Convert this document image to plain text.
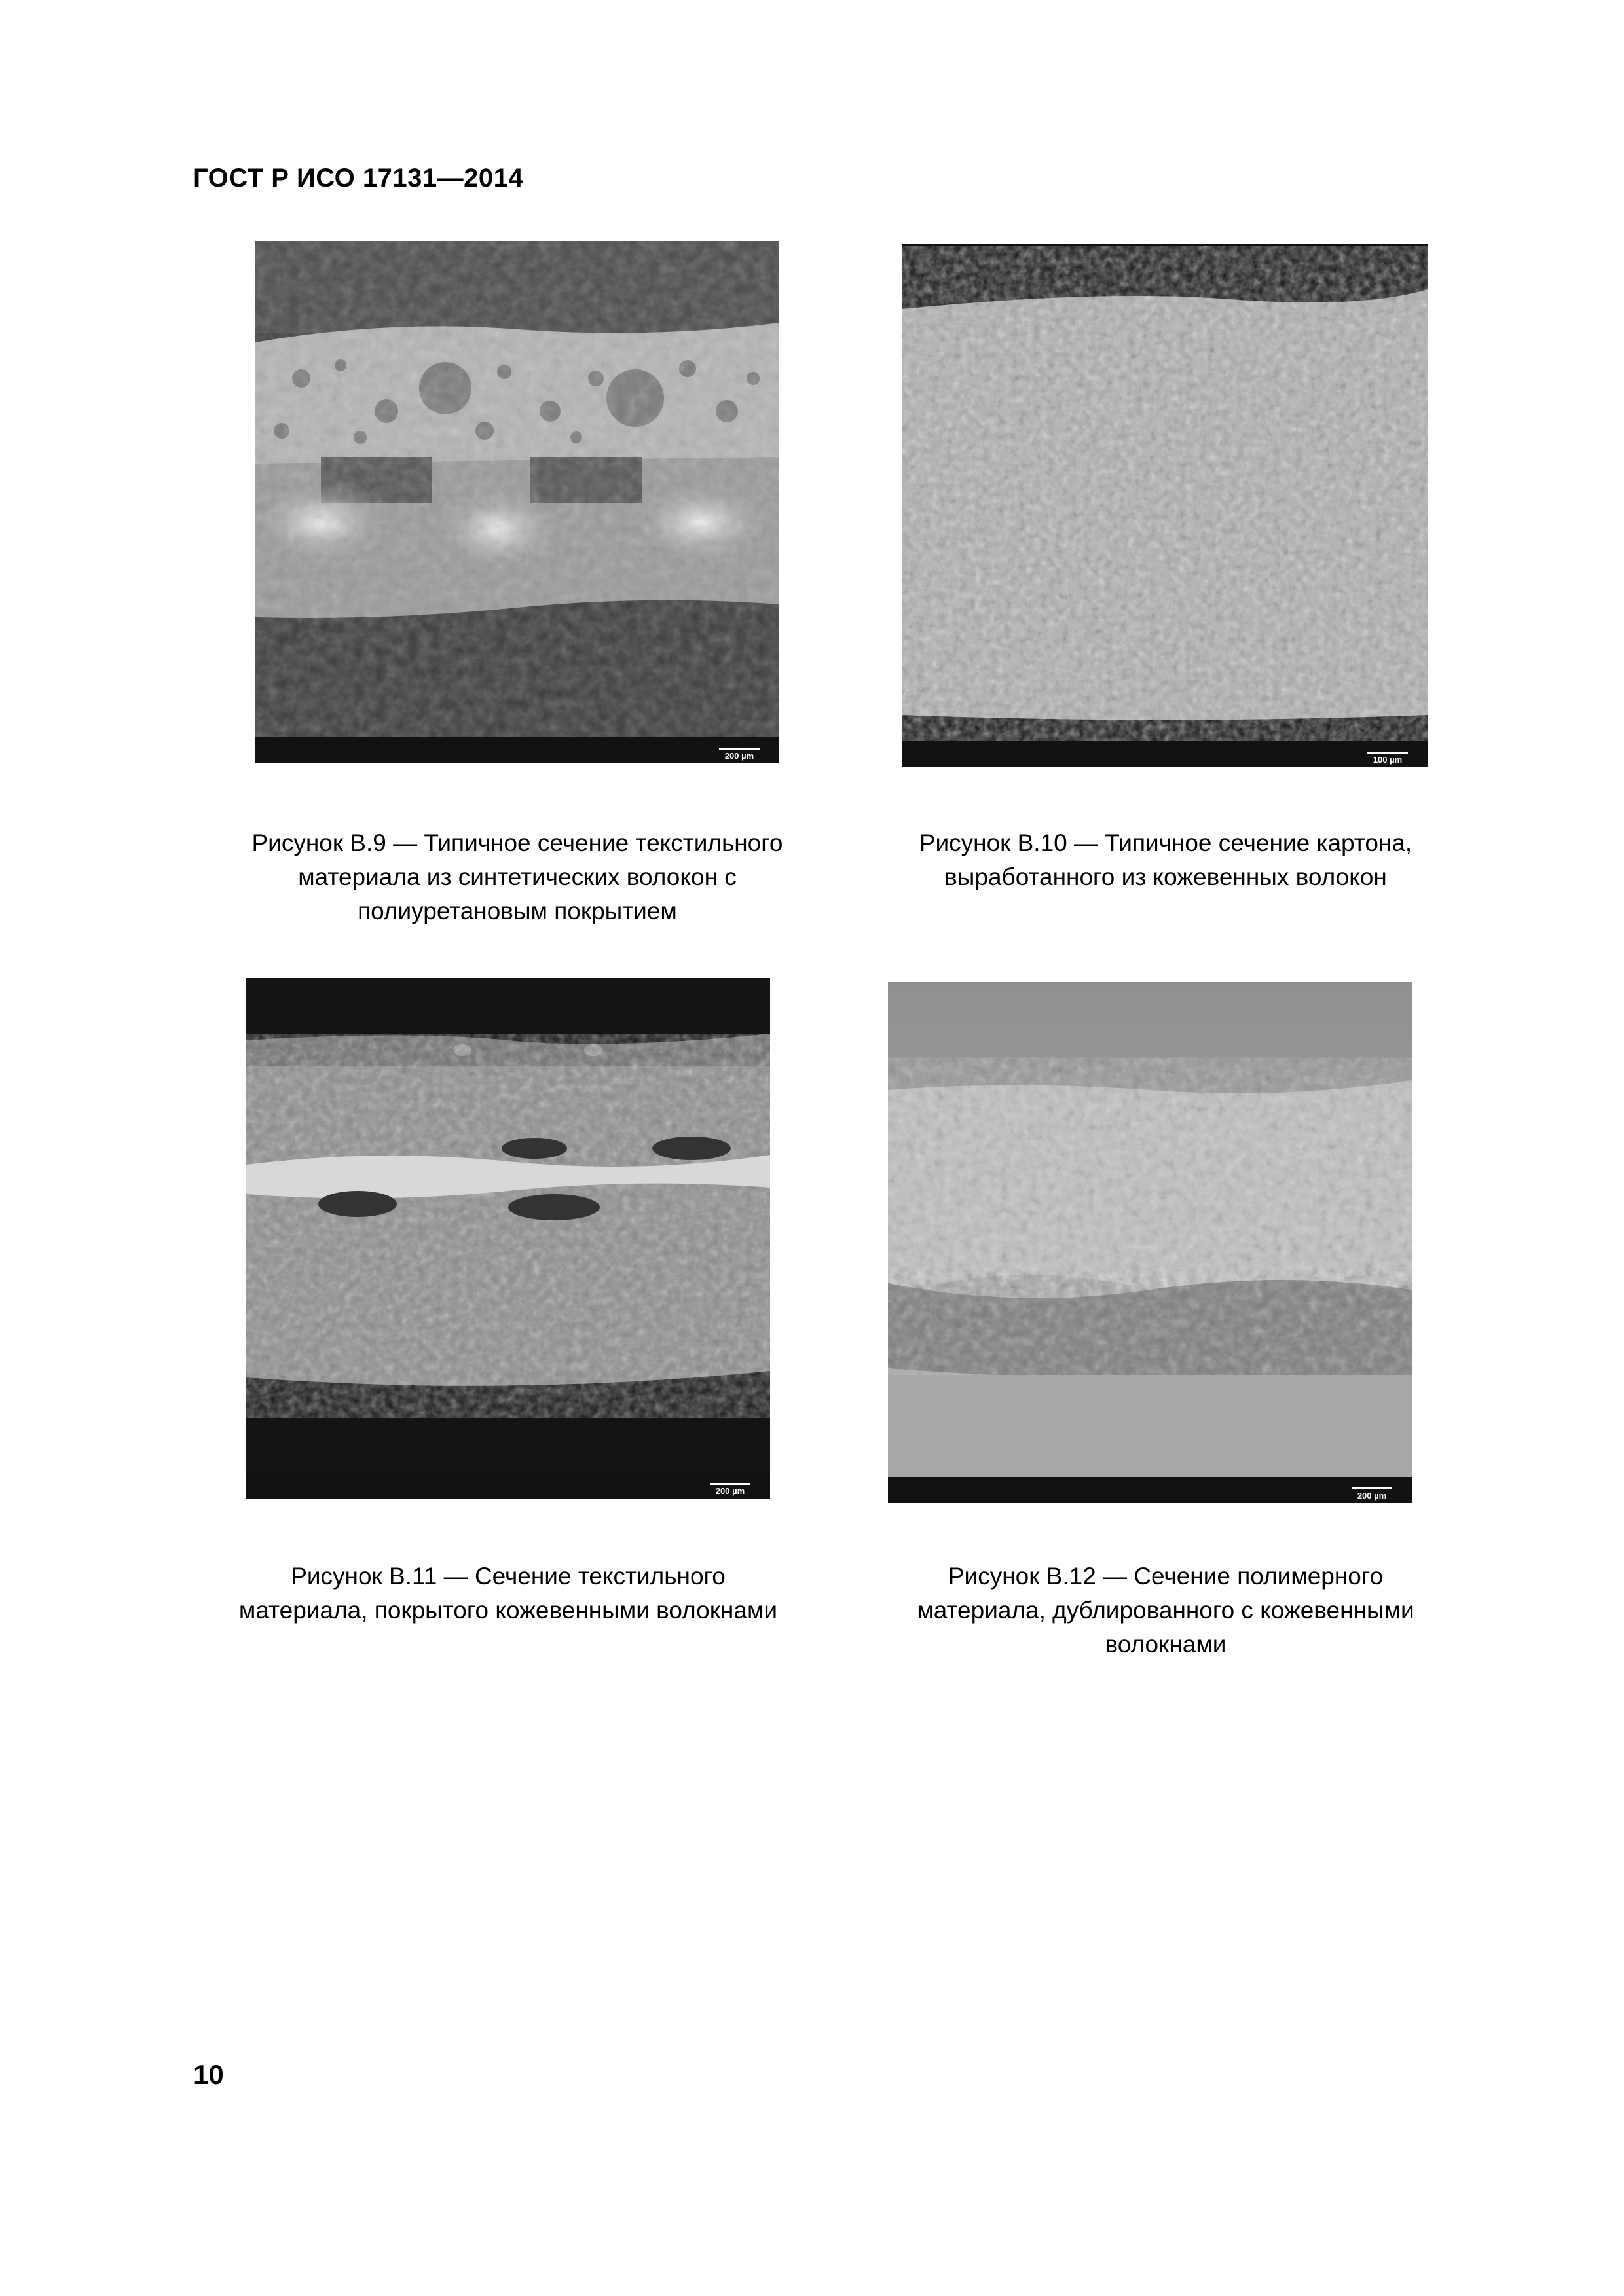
ГОСТ Р ИСО 17131—2014
200 µm	100 µm
200 µm	200 µm
Рисунок В.9 — Типичное сечение текстильного
материала из синтетических волокон с
полиуретановым покрытием
Рисунок В.10 — Типичное сечение картона,
выработанного из кожевенных волокон
Рисунок В.11 — Сечение текстильного
материала, покрытого кожевенными волокнами
Рисунок В.12 — Сечение полимерного
материала, дублированного с кожевенными
волокнами
10
